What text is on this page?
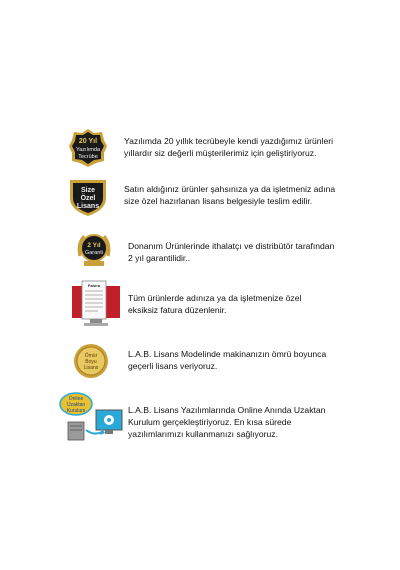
20 Yıl
Yazılımda
Tecrübe
Yazılımda 20 yıllık tecrübeyle kendi yazdığımız ürünleri
yıllardır siz değerli müşterilerimiz için geliştiriyoruz.
Size
Özel
Lisans
Satın aldığınız ürünler şahsınıza ya da işletmeniz adına
size özel hazırlanan lisans belgesiyle teslim edilir.
2 Yıl
Garanti
Donanım Ürünlerinde ithalatçı ve distribütör tarafından
2 yıl garantilidir..
Fatura
Tüm ürünlerde adınıza ya da işletmenize özel
eksiksiz fatura düzenlenir.
Ömür
Boyu
Lisans
L.A.B. Lisans Modelinde makinanızın ömrü boyunca
geçerli lisans veriyoruz.
Online
Uzaktan
Kurulum	L.A.B. Lisans Yazılımlarında Online Anında Uzaktan
Kurulum gerçekleştiriyoruz. En kısa sürede
yazılımlarımızı kullanmanızı sağlıyoruz.
